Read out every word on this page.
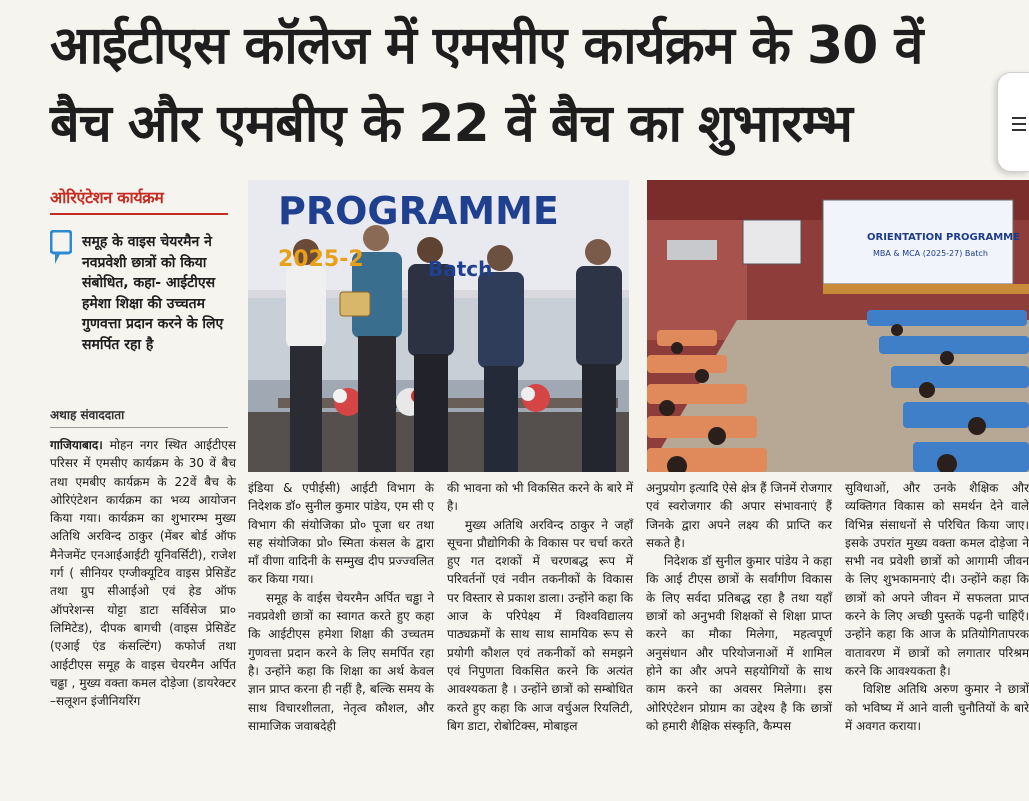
आईटीएस कॉलेज में एमसीए कार्यक्रम के 30 वें
बैच और एमबीए के 22 वें बैच का शुभारम्भ
ओरिएंटेशन कार्यक्रम
समूह के वाइस चेयरमैन ने नवप्रवेशी छात्रों को किया संबोधित, कहा- आईटीएस हमेशा शिक्षा की उच्चतम गुणवत्ता प्रदान करने के लिए समर्पित रहा है
अथाह संवाददाता
PROGRAMME
2025-2	Batch
ORIENTATION PROGRAMME
MBA & MCA (2025-27) Batch

गाजियाबाद। मोहन नगर स्थित आईटीएस परिसर में एमसीए कार्यक्रम के 30 वें बैच तथा एमबीए कार्यक्रम के 22वें बैच के ओरिएंटेशन कार्यक्रम का भव्य आयोजन किया गया। कार्यक्रम का शुभारम्भ मुख्य अतिथि अरविन्द ठाकुर (मेंबर बोर्ड ऑफ मैनेजमेंट एनआईआईटी यूनिवर्सिटी), राजेश गर्ग ( सीनियर एग्जीक्यूटिव वाइस प्रेसिडेंट तथा ग्रुप सीआईओ एवं हेड ऑफ ऑपरेशन्स योट्टा डाटा सर्विसेज प्रा० लिमिटेड), दीपक बागची (वाइस प्रेसिडेंट (एआई एंड कंसल्टिंग) कफोर्ज तथा आईटीएस समूह के वाइस चेयरमैन अर्पित चढ्ढा , मुख्य वक्ता कमल दोड़ेजा (डायरेक्टर –सलूशन इंजीनियरिंग

इंडिया & एपीईसी) आईटी विभाग के निदेशक डॉ० सुनील कुमार पांडेय, एम सी ए विभाग की संयोजिका प्रो० पूजा धर तथा सह संयोजिका प्रो० स्मिता कंसल के द्वारा माँ वीणा वादिनी के सम्मुख दीप प्रज्ज्वलित कर किया गया।

समूह के वाईस चेयरमैन अर्पित चड्ढा ने नवप्रवेशी छात्रों का स्वागत करते हुए कहा कि आईटीएस हमेशा शिक्षा की उच्चतम गुणवत्ता प्रदान करने के लिए समर्पित रहा है। उन्होंने कहा कि शिक्षा का अर्थ केवल ज्ञान प्राप्त करना ही नहीं है, बल्कि समय के साथ विचारशीलता, नेतृत्व कौशल, और सामाजिक जवाबदेही

की भावना को भी विकसित करने के बारे में है।

मुख्य अतिथि अरविन्द ठाकुर ने जहाँ सूचना प्रौद्योगिकी के विकास पर चर्चा करते हुए गत दशकों में चरणबद्ध रूप में परिवर्तनों एवं नवीन तकनीकों के विकास पर विस्तार से प्रकाश डाला। उन्होंने कहा कि आज के परिपेक्ष्य में विश्वविद्यालय पाठ्यक्रमों के साथ साथ सामयिक रूप से प्रयोगी कौशल एवं तकनीकों को समझने एवं निपुणता विकसित करने कि अत्यंत आवश्यकता है । उन्होंने छात्रों को सम्बोधित करते हुए कहा कि आज वर्चुअल रियलिटी, बिग डाटा, रोबोटिक्स, मोबाइल

अनुप्रयोग इत्यादि ऐसे क्षेत्र हैं जिनमें रोजगार एवं स्वरोजगार की अपार संभावनाएं हैं जिनके द्वारा अपने लक्ष्य की प्राप्ति कर सकते है।

निदेशक डॉ सुनील कुमार पांडेय ने कहा कि आई टीएस छात्रों के सर्वांगीण विकास के लिए सर्वदा प्रतिबद्ध रहा है तथा यहाँ छात्रों को अनुभवी शिक्षकों से शिक्षा प्राप्त करने का मौका मिलेगा, महत्वपूर्ण अनुसंधान और परियोजनाओं में शामिल होने का और अपने सहयोगियों के साथ काम करने का अवसर मिलेगा। इस ओरिएंटेशन प्रोग्राम का उद्देश्य है कि छात्रों को हमारी शैक्षिक संस्कृति, कैम्पस

सुविधाओं, और उनके शैक्षिक और व्यक्तिगत विकास को समर्थन देने वाले विभिन्न संसाधनों से परिचित किया जाए।इसके उपरांत मुख्य वक्ता कमल दोड़ेजा ने सभी नव प्रवेशी छात्रों को आगामी जीवन के लिए शुभकामनाएं दी। उन्होंने कहा कि छात्रों को अपने जीवन में सफलता प्राप्त करने के लिए अच्छी पुस्तकें पढ़नी चाहिएँ। उन्होंने कहा कि आज के प्रतियोगितापरक वातावरण में छात्रों को लगातार परिश्रम करने कि आवश्यकता है।

विशिष्ट अतिथि अरुण कुमार ने छात्रों को भविष्य में आने वाली चुनौतियों के बारे में अवगत कराया।
